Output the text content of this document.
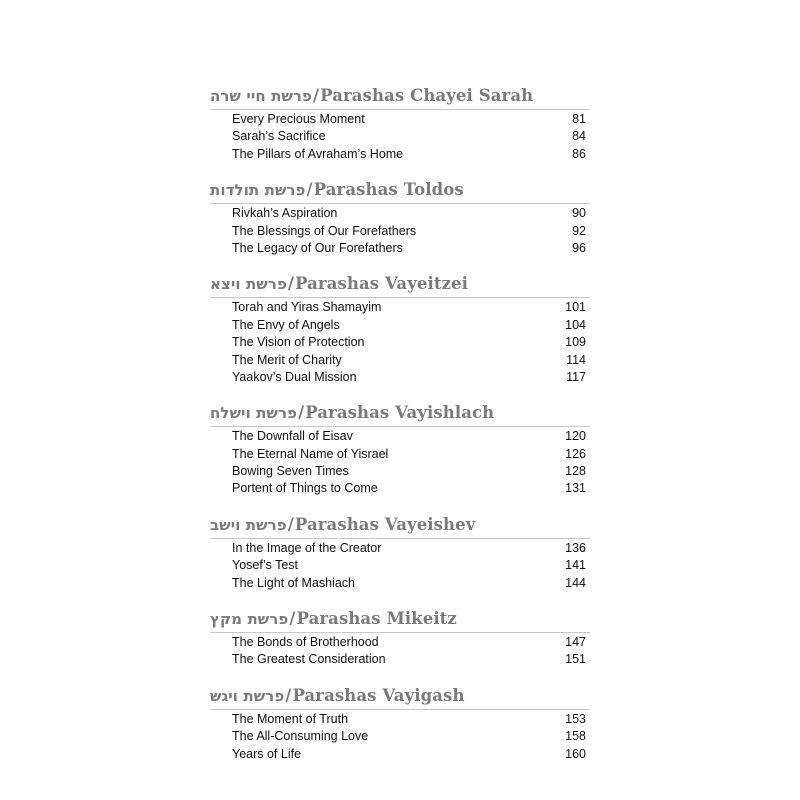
פרשת חיי שרה/Parashas Chayei Sarah
Every Precious Moment	81
Sarah’s Sacrifice	84
The Pillars of Avraham’s Home	86
פרשת תולדות/Parashas Toldos
Rivkah’s Aspiration	90
The Blessings of Our Forefathers	92
The Legacy of Our Forefathers	96
פרשת ויצא/Parashas Vayeitzei
Torah and Yiras Shamayim	101
The Envy of Angels	104
The Vision of Protection	109
The Merit of Charity	114
Yaakov’s Dual Mission	117
פרשת וישלח/Parashas Vayishlach
The Downfall of Eisav	120
The Eternal Name of Yisrael	126
Bowing Seven Times	128
Portent of Things to Come	131
פרשת וישב/Parashas Vayeishev
In the Image of the Creator	136
Yosef’s Test	141
The Light of Mashiach	144
פרשת מקץ/Parashas Mikeitz
The Bonds of Brotherhood	147
The Greatest Consideration	151
פרשת ויגש/Parashas Vayigash
The Moment of Truth	153
The All-Consuming Love	158
Years of Life	160
